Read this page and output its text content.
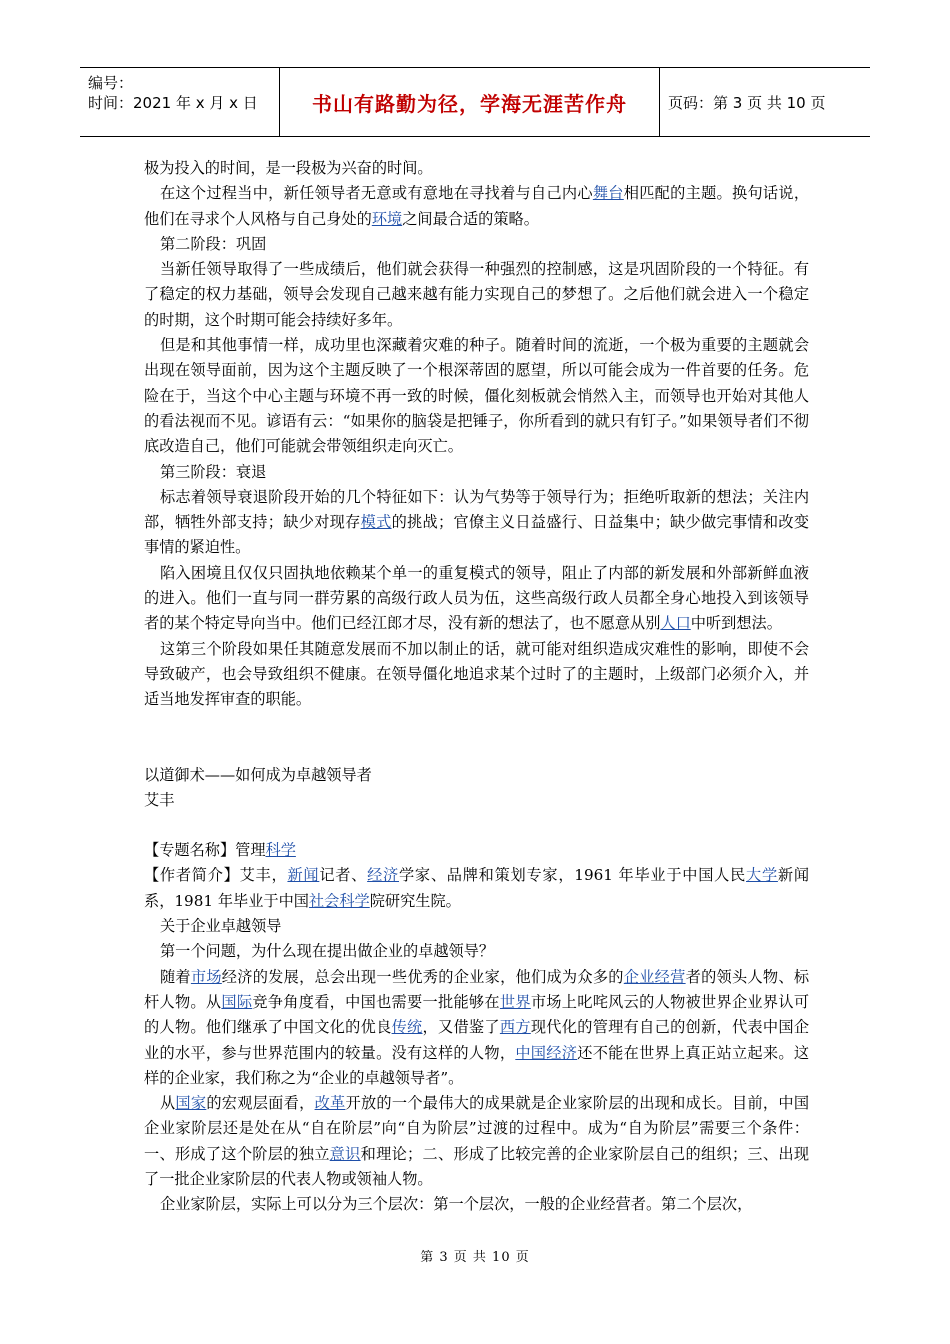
编号：
时间：2021 年 x 月 x 日	书山有路勤为径，学海无涯苦作舟	页码：第 3 页 共 10 页

极为投入的时间，是一段极为兴奋的时间。

在这个过程当中，新任领导者无意或有意地在寻找着与自己内心舞台相匹配的主题。换句话说，他们在寻求个人风格与自己身处的环境之间最合适的策略。

第二阶段：巩固

当新任领导取得了一些成绩后，他们就会获得一种强烈的控制感，这是巩固阶段的一个特征。有了稳定的权力基础，领导会发现自己越来越有能力实现自己的梦想了。之后他们就会进入一个稳定的时期，这个时期可能会持续好多年。

但是和其他事情一样，成功里也深藏着灾难的种子。随着时间的流逝，一个极为重要的主题就会出现在领导面前，因为这个主题反映了一个根深蒂固的愿望，所以可能会成为一件首要的任务。危险在于，当这个中心主题与环境不再一致的时候，僵化刻板就会悄然入主，而领导也开始对其他人的看法视而不见。谚语有云：“如果你的脑袋是把锤子，你所看到的就只有钉子。”如果领导者们不彻底改造自己，他们可能就会带领组织走向灭亡。

第三阶段：衰退

标志着领导衰退阶段开始的几个特征如下：认为气势等于领导行为；拒绝听取新的想法；关注内部，牺牲外部支持；缺少对现存模式的挑战；官僚主义日益盛行、日益集中；缺少做完事情和改变事情的紧迫性。

陷入困境且仅仅只固执地依赖某个单一的重复模式的领导，阻止了内部的新发展和外部新鲜血液的进入。他们一直与同一群劳累的高级行政人员为伍，这些高级行政人员都全身心地投入到该领导者的某个特定导向当中。他们已经江郎才尽，没有新的想法了，也不愿意从别人口中听到想法。

这第三个阶段如果任其随意发展而不加以制止的话，就可能对组织造成灾难性的影响，即使不会导致破产，也会导致组织不健康。在领导僵化地追求某个过时了的主题时，上级部门必须介入，并适当地发挥审查的职能。

以道御术——如何成为卓越领导者

艾丰

【专题名称】管理科学

【作者简介】艾丰，新闻记者、经济学家、品牌和策划专家，1961 年毕业于中国人民大学新闻系，1981 年毕业于中国社会科学院研究生院。

关于企业卓越领导

第一个问题，为什么现在提出做企业的卓越领导？

随着市场经济的发展，总会出现一些优秀的企业家，他们成为众多的企业经营者的领头人物、标杆人物。从国际竞争角度看，中国也需要一批能够在世界市场上叱咤风云的人物被世界企业界认可的人物。他们继承了中国文化的优良传统，又借鉴了西方现代化的管理有自己的创新，代表中国企业的水平，参与世界范围内的较量。没有这样的人物，中国经济还不能在世界上真正站立起来。这样的企业家，我们称之为“企业的卓越领导者”。

从国家的宏观层面看，改革开放的一个最伟大的成果就是企业家阶层的出现和成长。目前，中国企业家阶层还是处在从“自在阶层”向“自为阶层”过渡的过程中。成为“自为阶层”需要三个条件：一、形成了这个阶层的独立意识和理论；二、形成了比较完善的企业家阶层自己的组织；三、出现了一批企业家阶层的代表人物或领袖人物。

企业家阶层，实际上可以分为三个层次：第一个层次，一般的企业经营者。第二个层次，

第 3 页 共 10 页
